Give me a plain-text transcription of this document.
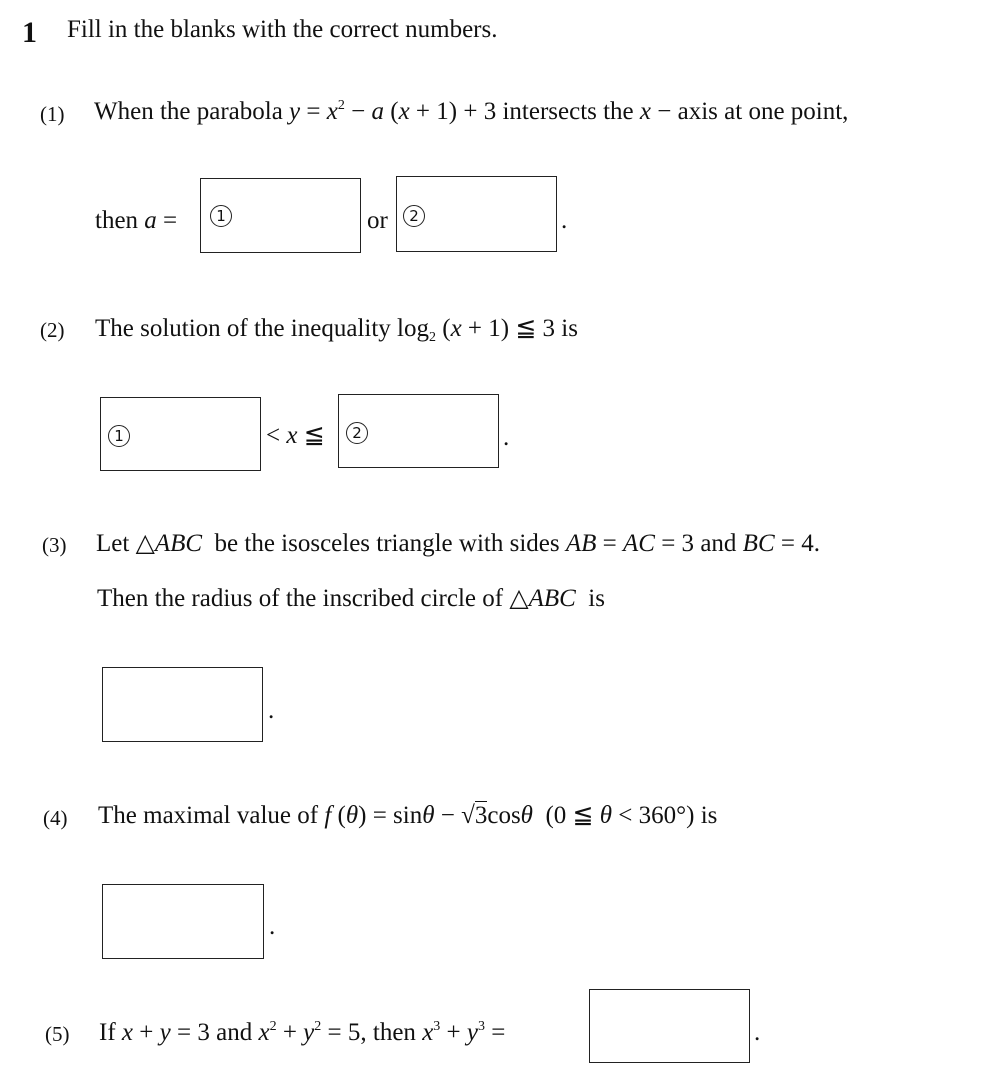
1 Fill in the blanks with the correct numbers.
(1) When the parabola $y = x^2 - a$ (x + 1) + 3 intersects the x − axis at one point,
then a =	1	or	2	.
(2) The solution of the inequality $\log_2 (x + 1)$ ≦ 3 is
1	< x ≦	2	.
(3) Let △ABC be the isosceles triangle with sides AB = AC = 3 and BC = 4.
Then the radius of the inscribed circle of △ABC is
.
(4) The maximal value of f (θ) = sinθ − √3cosθ  (0 ≦ θ < 360°) is
.
(5) If x + y = 3 and $x^2 + y^2 = 5$, then $x^3 + y^3$ =	.
